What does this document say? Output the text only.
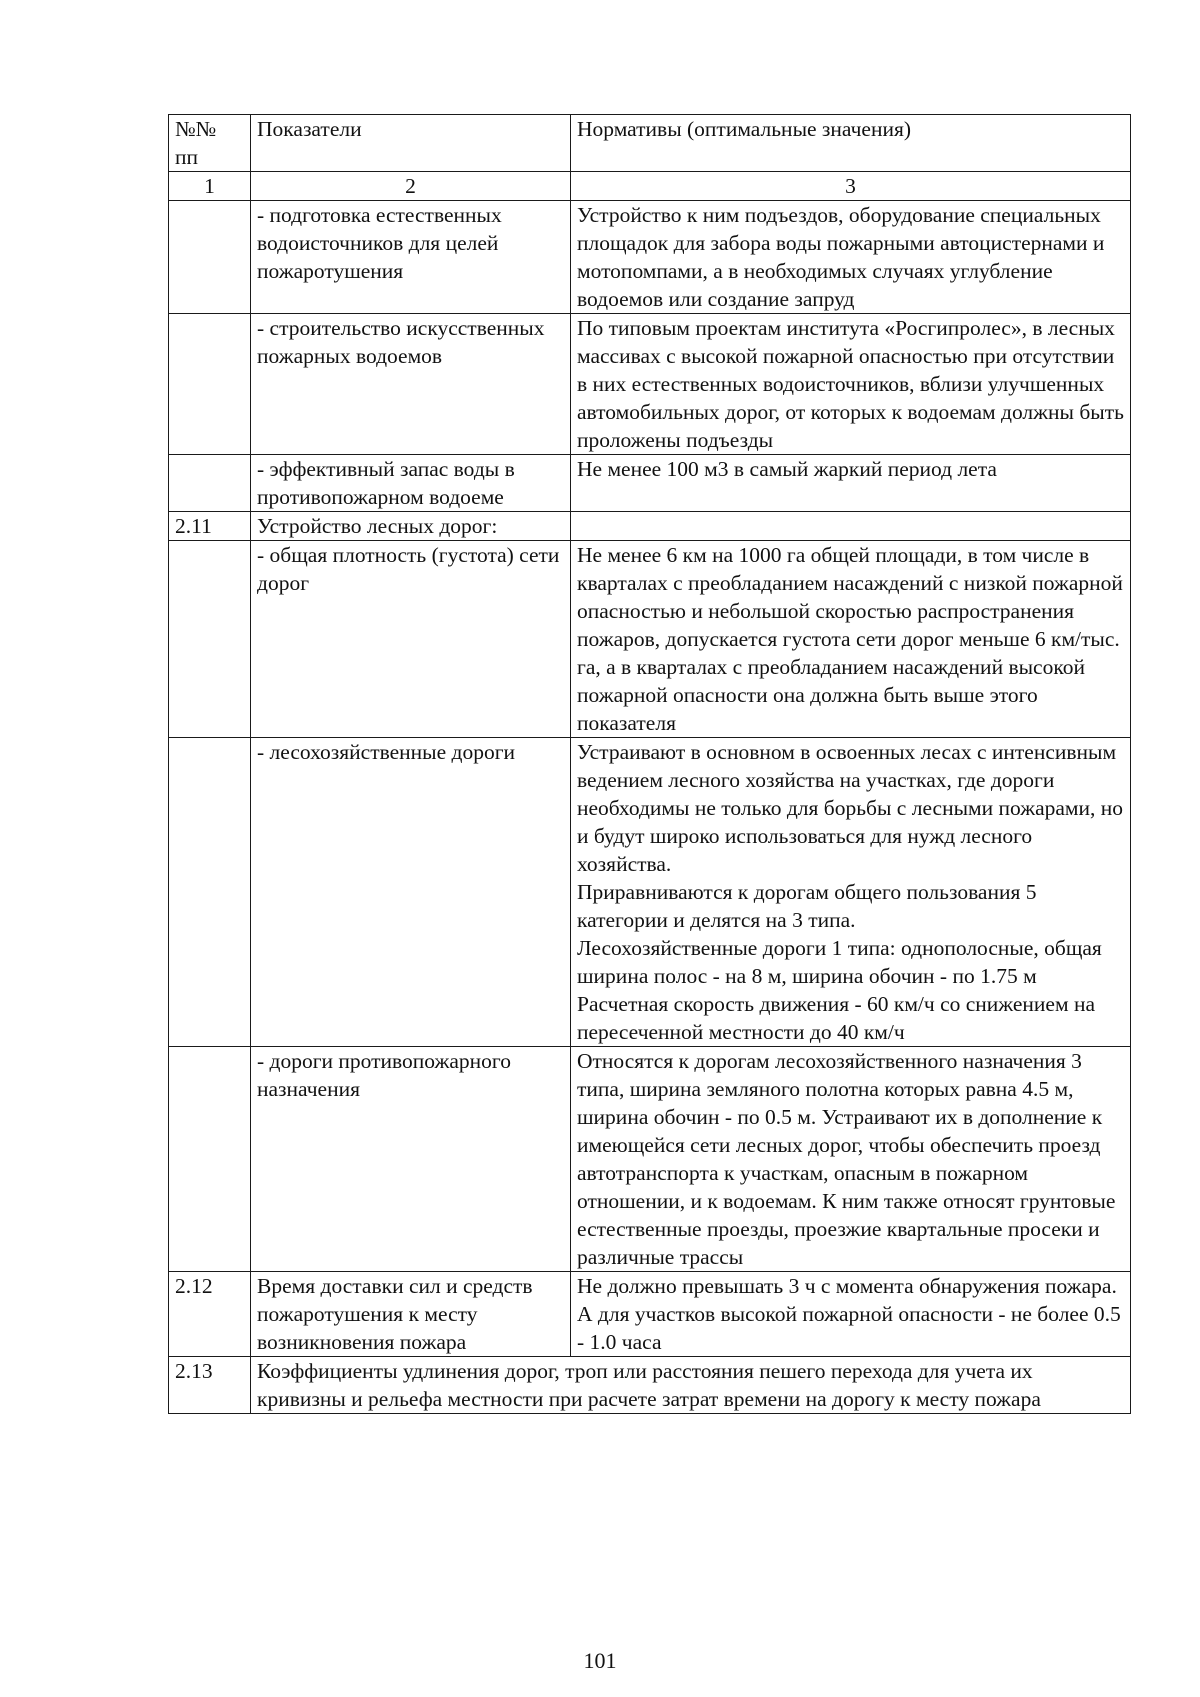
№№
пп	Показатели	Нормативы (оптимальные значения)
1	2	3
	- подготовка естественных водоисточников для целей пожаротушения	Устройство к ним подъездов, оборудование специальных площадок для забора воды пожарными автоцистернами и мотопомпами, а в необходимых случаях углубление водоемов или создание запруд
	- строительство искусственных пожарных водоемов	По типовым проектам института «Росгипролес», в лесных массивах с высокой пожарной опасностью при отсутствии в них естественных водоисточников, вблизи улучшенных автомобильных дорог, от которых к водоемам должны быть проложены подъезды
	- эффективный запас воды в противопожарном водоеме	Не менее 100 м3 в самый жаркий период лета
2.11	Устройство лесных дорог:	
	- общая плотность (густота) сети дорог	Не менее 6 км на 1000 га общей площади, в том числе в кварталах с преобладанием насаждений с низкой пожарной опасностью и небольшой скоростью распространения пожаров, допускается густота сети дорог меньше 6 км/тыс. га, а в кварталах с преобладанием насаждений высокой пожарной опасности она должна быть выше этого показателя
	- лесохозяйственные дороги	Устраивают в основном в освоенных лесах с интенсивным ведением лесного хозяйства на участках, где дороги необходимы не только для борьбы с лесными пожарами, но и будут широко использоваться для нужд лесного хозяйства.
Приравниваются к дорогам общего пользования 5 категории и делятся на 3 типа.
Лесохозяйственные дороги 1 типа: однополосные, общая ширина полос - на 8 м, ширина обочин - по 1.75 м
Расчетная скорость движения - 60 км/ч со снижением на пересеченной местности до 40 км/ч
	- дороги противопожарного назначения	Относятся к дорогам лесохозяйственного назначения 3 типа, ширина земляного полотна которых равна 4.5 м, ширина обочин - по 0.5 м. Устраивают их в дополнение к имеющейся сети лесных дорог, чтобы обеспечить проезд автотранспорта к участкам, опасным в пожарном отношении, и к водоемам. К ним также относят грунтовые естественные проезды, проезжие квартальные просеки и различные трассы
2.12	Время доставки сил и средств пожаротушения к месту возникновения пожара	Не должно превышать 3 ч с момента обнаружения пожара. А для участков высокой пожарной опасности - не более 0.5 - 1.0 часа
2.13	Коэффициенты удлинения дорог, троп или расстояния пешего перехода для учета их кривизны и рельефа местности при расчете затрат времени на дорогу к месту пожара	
101
